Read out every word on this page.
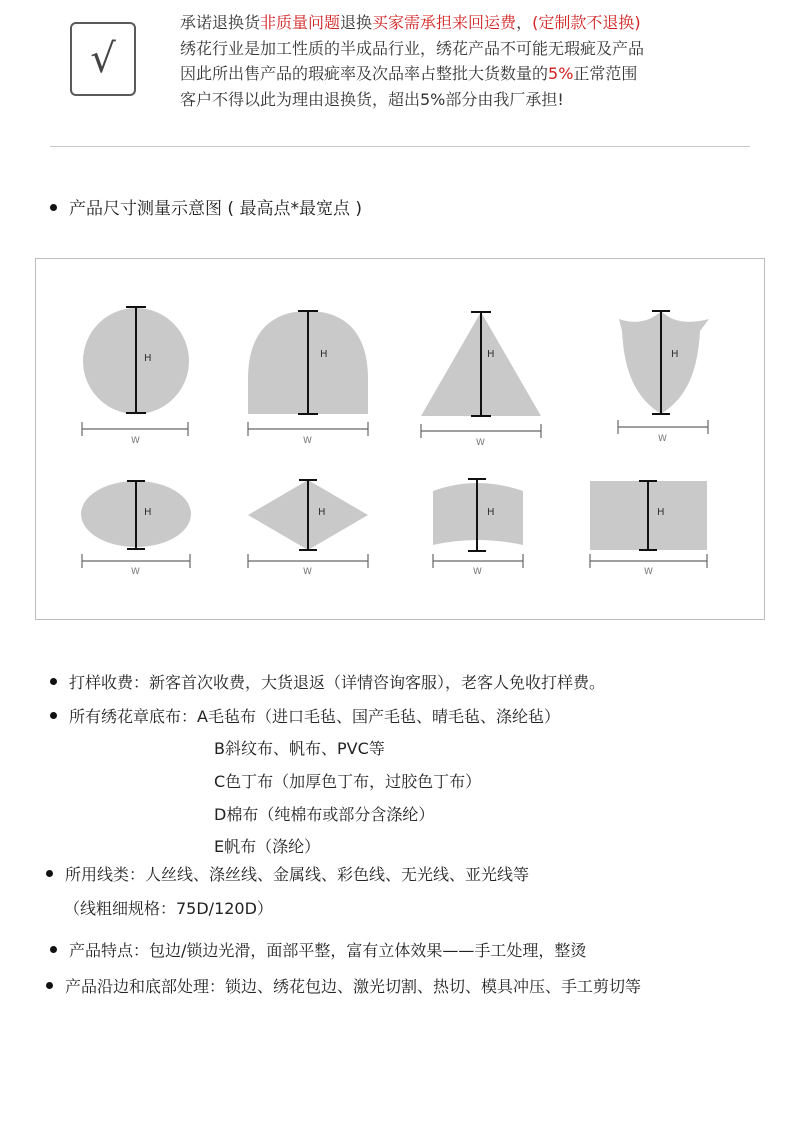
√
承诺退换货非质量问题退换买家需承担来回运费，(定制款不退换)
绣花行业是加工性质的半成品行业，绣花产品不可能无瑕疵及产品
因此所出售产品的瑕疵率及次品率占整批大货数量的5%正常范围
客户不得以此为理由退换货，超出5%部分由我厂承担!
产品尺寸测量示意图 ( 最高点*最宽点 )
H
W
H
W
H
W
H
W
H
W
H
W
H
W
H
W
打样收费：新客首次收费，大货退返（详情咨询客服），老客人免收打样费。
所有绣花章底布：A毛毡布（进口毛毡、国产毛毡、晴毛毡、涤纶毡）
B斜纹布、帆布、PVC等
C色丁布（加厚色丁布，过胶色丁布）
D棉布（纯棉布或部分含涤纶）
E帆布（涤纶）
所用线类：人丝线、涤丝线、金属线、彩色线、无光线、亚光线等
（线粗细规格：75D/120D）
产品特点：包边/锁边光滑，面部平整，富有立体效果——手工处理，整烫
产品沿边和底部处理：锁边、绣花包边、激光切割、热切、模具冲压、手工剪切等
